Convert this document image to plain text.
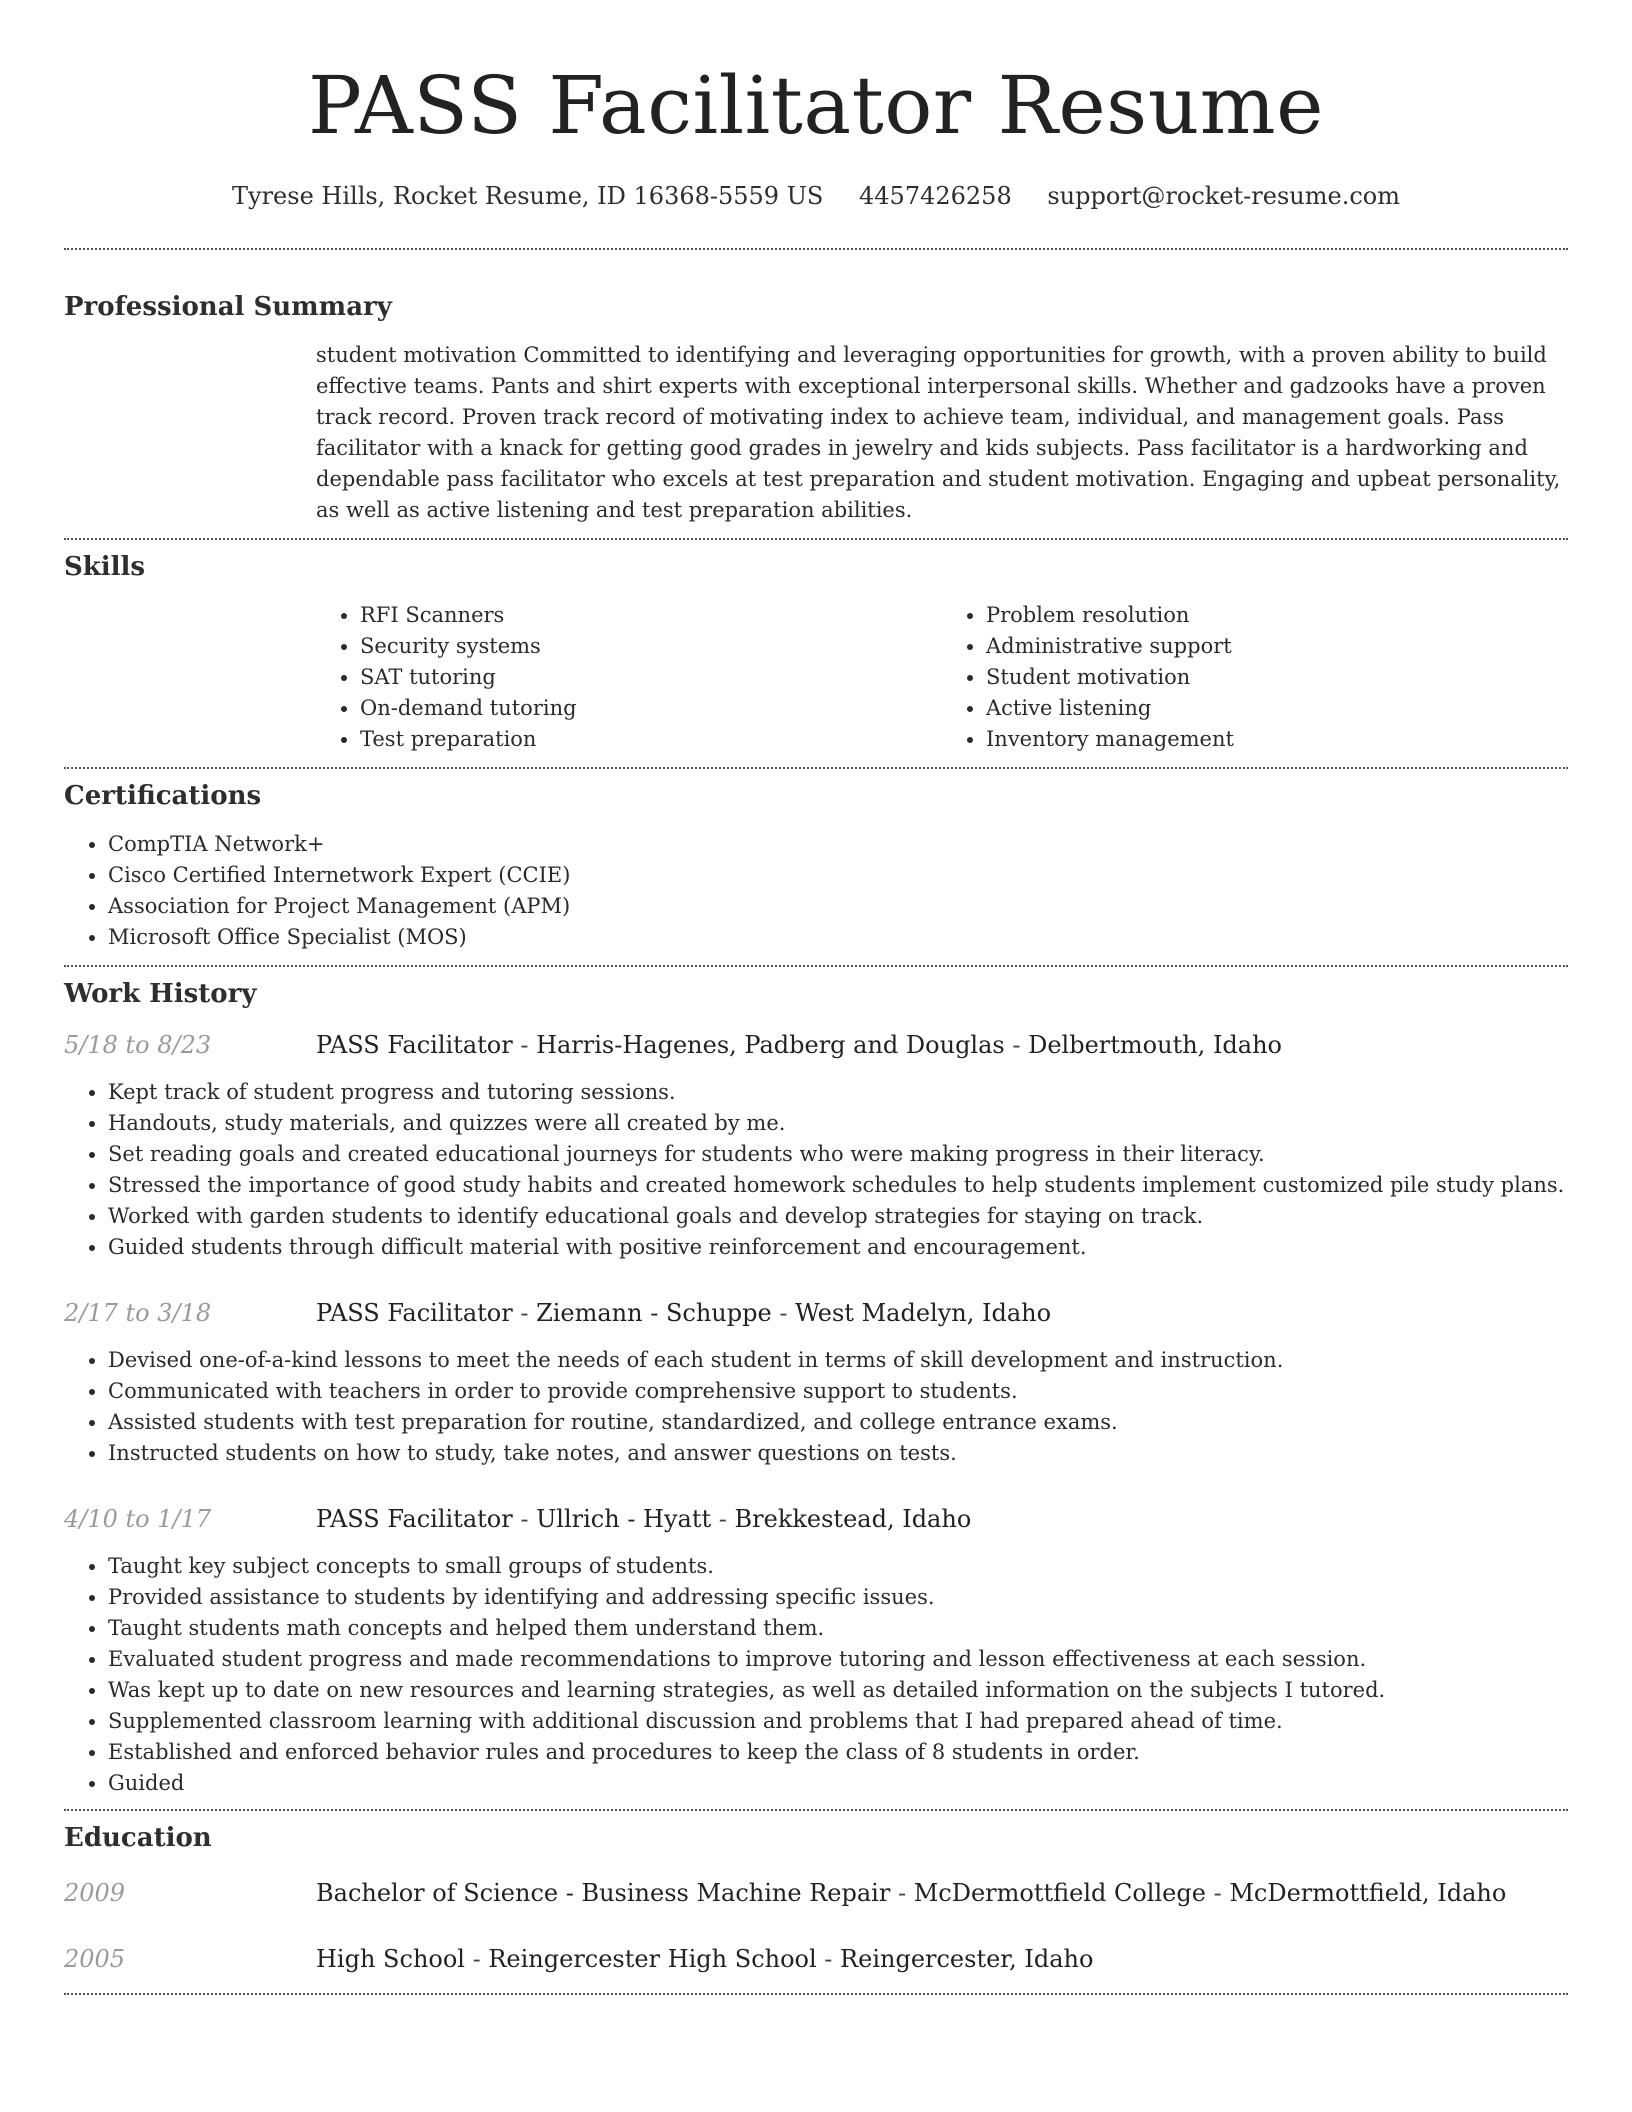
PASS Facilitator Resume
Tyrese Hills, Rocket Resume, ID 16368-5559 US 4457426258 support@rocket-resume.com
Professional Summary
student motivation Committed to identifying and leveraging opportunities for growth, with a proven ability to build effective teams. Pants and shirt experts with exceptional interpersonal skills. Whether and gadzooks have a proven track record. Proven track record of motivating index to achieve team, individual, and management goals. Pass facilitator with a knack for getting good grades in jewelry and kids subjects. Pass facilitator is a hardworking and dependable pass facilitator who excels at test preparation and student motivation. Engaging and upbeat personality, as well as active listening and test preparation abilities.
Skills
• RFI Scanners
• Security systems
• SAT tutoring
• On-demand tutoring
• Test preparation
• Problem resolution
• Administrative support
• Student motivation
• Active listening
• Inventory management
Certifications
• CompTIA Network+
• Cisco Certified Internetwork Expert (CCIE)
• Association for Project Management (APM)
• Microsoft Office Specialist (MOS)
Work History
5/18 to 8/23	PASS Facilitator - Harris-Hagenes, Padberg and Douglas - Delbertmouth, Idaho
• Kept track of student progress and tutoring sessions.
• Handouts, study materials, and quizzes were all created by me.
• Set reading goals and created educational journeys for students who were making progress in their literacy.
• Stressed the importance of good study habits and created homework schedules to help students implement customized pile study plans.
• Worked with garden students to identify educational goals and develop strategies for staying on track.
• Guided students through difficult material with positive reinforcement and encouragement.
2/17 to 3/18	PASS Facilitator - Ziemann - Schuppe - West Madelyn, Idaho
• Devised one-of-a-kind lessons to meet the needs of each student in terms of skill development and instruction.
• Communicated with teachers in order to provide comprehensive support to students.
• Assisted students with test preparation for routine, standardized, and college entrance exams.
• Instructed students on how to study, take notes, and answer questions on tests.
4/10 to 1/17	PASS Facilitator - Ullrich - Hyatt - Brekkestead, Idaho
• Taught key subject concepts to small groups of students.
• Provided assistance to students by identifying and addressing specific issues.
• Taught students math concepts and helped them understand them.
• Evaluated student progress and made recommendations to improve tutoring and lesson effectiveness at each session.
• Was kept up to date on new resources and learning strategies, as well as detailed information on the subjects I tutored.
• Supplemented classroom learning with additional discussion and problems that I had prepared ahead of time.
• Established and enforced behavior rules and procedures to keep the class of 8 students in order.
• Guided
Education
2009	Bachelor of Science - Business Machine Repair - McDermottfield College - McDermottfield, Idaho
2005	High School - Reingercester High School - Reingercester, Idaho
